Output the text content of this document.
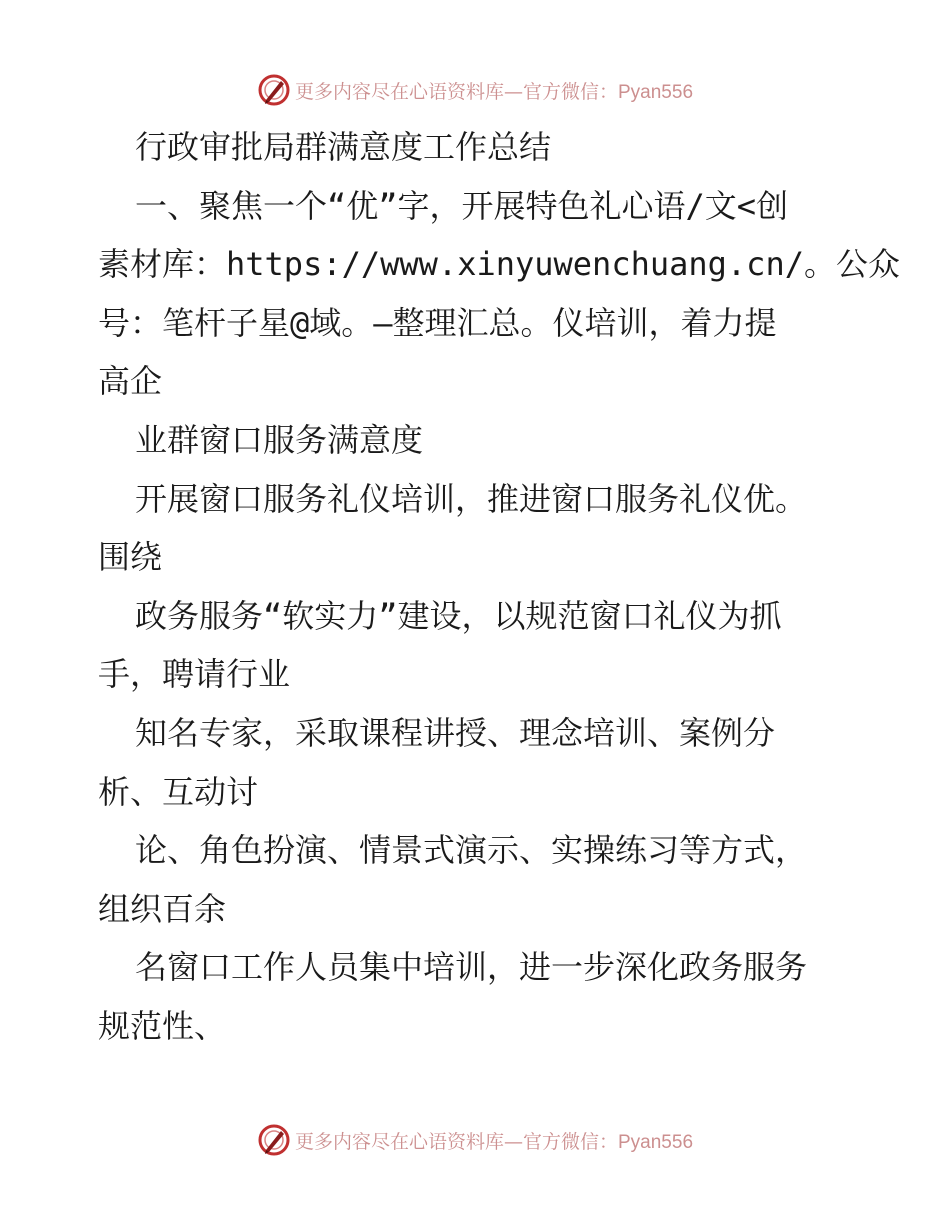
更多内容尽在心语资料库—官方微信：Pyan556
行政审批局群满意度工作总结
一、聚焦一个“优”字，开展特色礼心语/文<创
素材库：https://www.xinyuwenchuang.cn/。公众
号：笔杆子星@域。—整理汇总。仪培训，着力提
高企
业群窗口服务满意度
开展窗口服务礼仪培训，推进窗口服务礼仪优。
围绕
政务服务“软实力”建设，以规范窗口礼仪为抓
手，聘请行业
知名专家，采取课程讲授、理念培训、案例分
析、互动讨
论、角色扮演、情景式演示、实操练习等方式，
组织百余
名窗口工作人员集中培训，进一步深化政务服务
规范性、
更多内容尽在心语资料库—官方微信：Pyan556
